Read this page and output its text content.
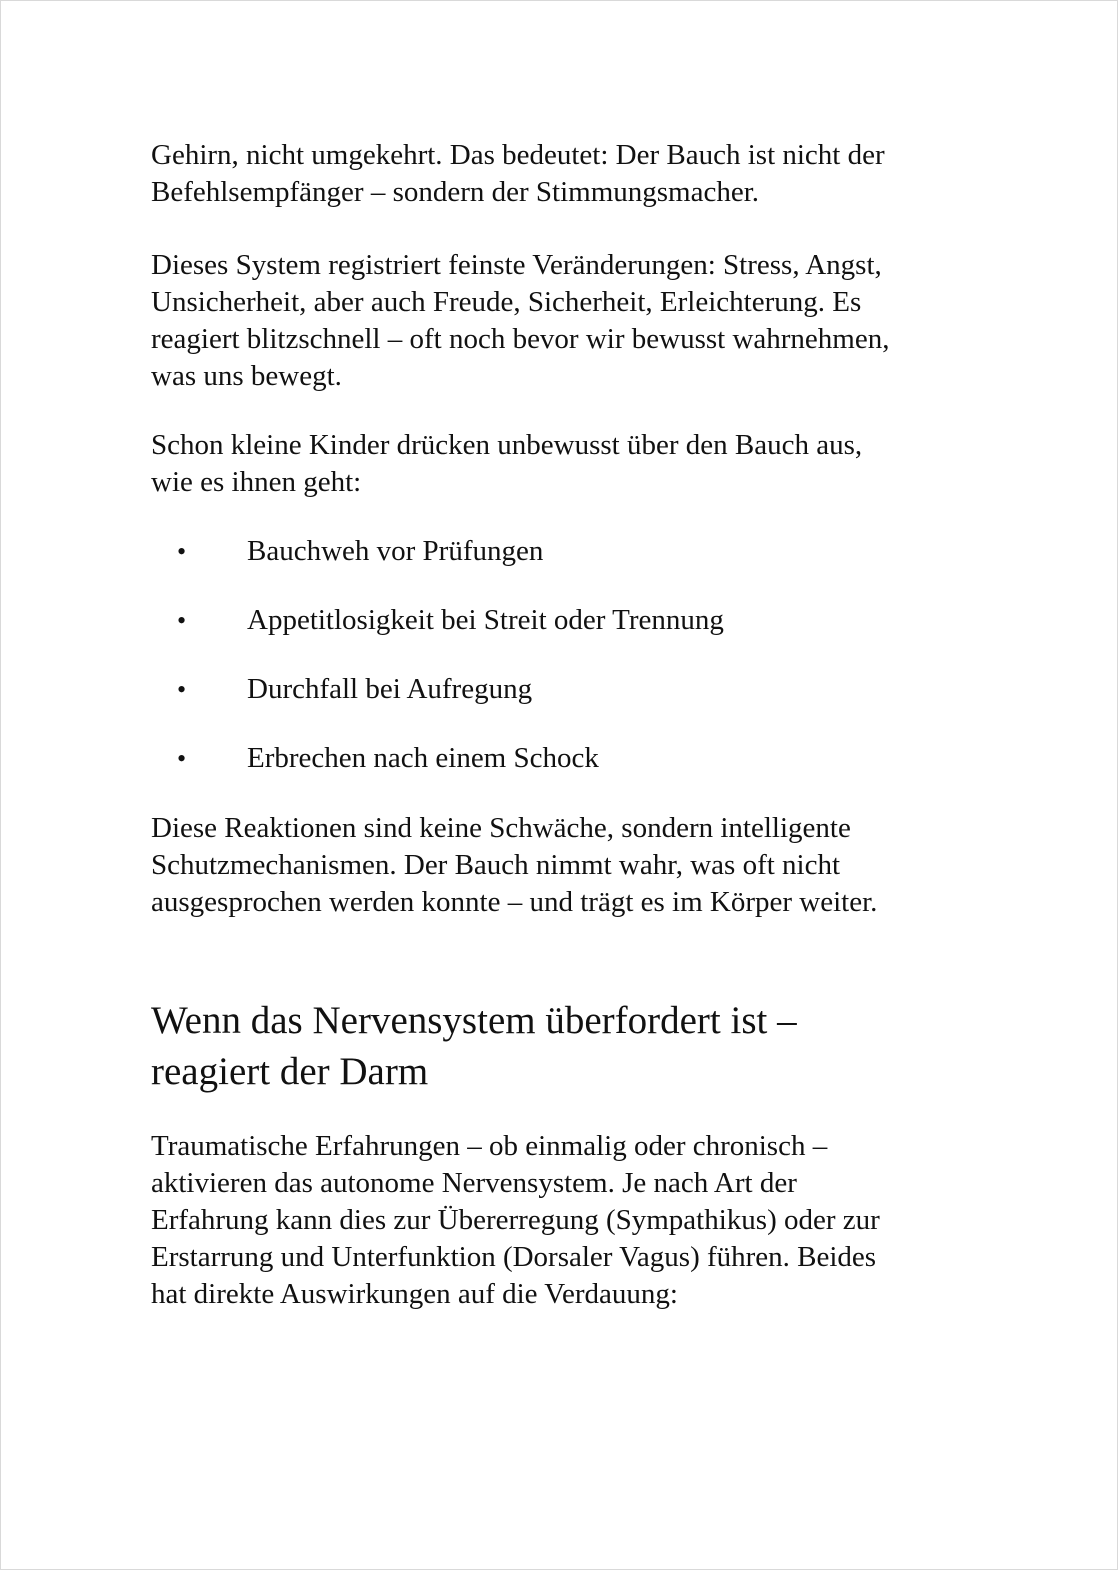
Gehirn, nicht umgekehrt. Das bedeutet: Der Bauch ist nicht der
Befehlsempfänger – sondern der Stimmungsmacher.

Dieses System registriert feinste Veränderungen: Stress, Angst,
Unsicherheit, aber auch Freude, Sicherheit, Erleichterung. Es
reagiert blitzschnell – oft noch bevor wir bewusst wahrnehmen,
was uns bewegt.

Schon kleine Kinder drücken unbewusst über den Bauch aus,
wie es ihnen geht:

• Bauchweh vor Prüfungen
• Appetitlosigkeit bei Streit oder Trennung
• Durchfall bei Aufregung
• Erbrechen nach einem Schock

Diese Reaktionen sind keine Schwäche, sondern intelligente
Schutzmechanismen. Der Bauch nimmt wahr, was oft nicht
ausgesprochen werden konnte – und trägt es im Körper weiter.

Wenn das Nervensystem überfordert ist –
reagiert der Darm

Traumatische Erfahrungen – ob einmalig oder chronisch –
aktivieren das autonome Nervensystem. Je nach Art der
Erfahrung kann dies zur Übererregung (Sympathikus) oder zur
Erstarrung und Unterfunktion (Dorsaler Vagus) führen. Beides
hat direkte Auswirkungen auf die Verdauung:
